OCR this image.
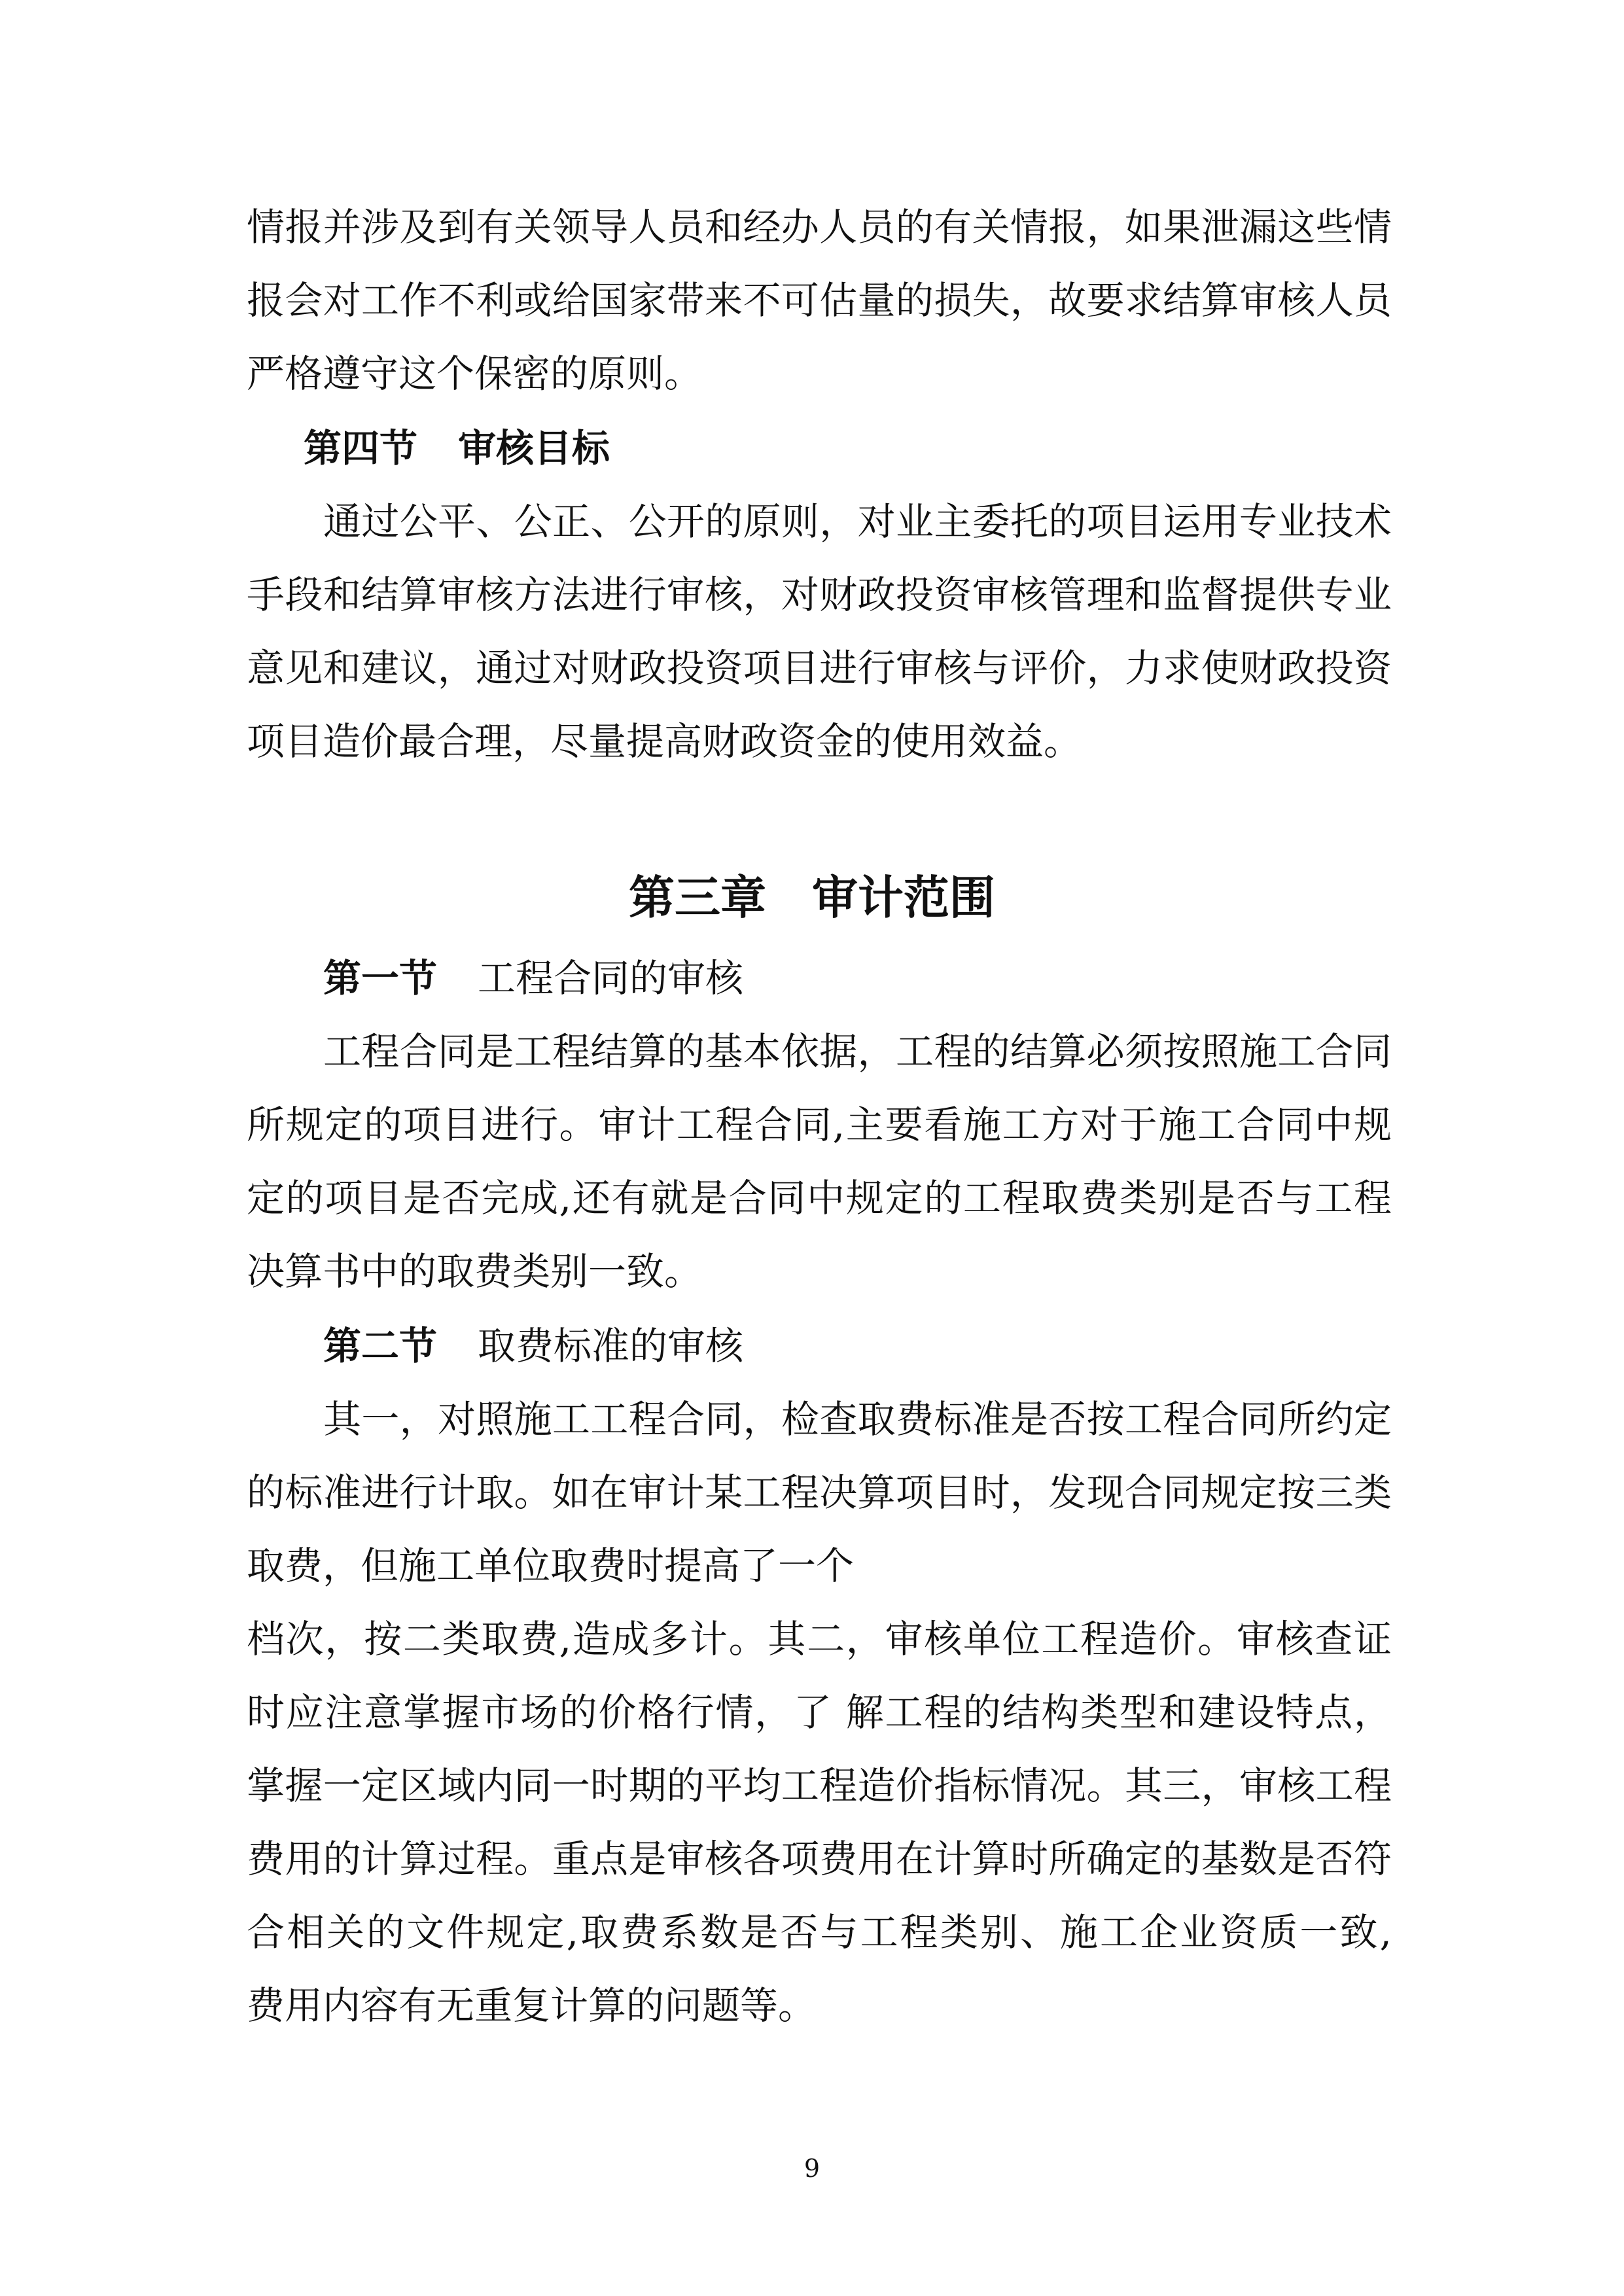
情报并涉及到有关领导人员和经办人员的有关情报，如果泄漏这些情
报会对工作不利或给国家带来不可估量的损失，故要求结算审核人员
严格遵守这个保密的原则。
第四节 审核目标
通过公平、公正、公开的原则，对业主委托的项目运用专业技术
手段和结算审核方法进行审核，对财政投资审核管理和监督提供专业
意见和建议，通过对财政投资项目进行审核与评价，力求使财政投资
项目造价最合理，尽量提高财政资金的使用效益。
第三章　审计范围
第一节 工程合同的审核
工程合同是工程结算的基本依据，工程的结算必须按照施工合同
所规定的项目进行。审计工程合同,主要看施工方对于施工合同中规
定的项目是否完成,还有就是合同中规定的工程取费类别是否与工程
决算书中的取费类别一致。
第二节 取费标准的审核
其一，对照施工工程合同，检查取费标准是否按工程合同所约定
的标准进行计取。如在审计某工程决算项目时，发现合同规定按三类
取费，但施工单位取费时提高了一个
档次，按二类取费,造成多计。其二，审核单位工程造价。审核查证
时应注意掌握市场的价格行情，了 解工程的结构类型和建设特点，
掌握一定区域内同一时期的平均工程造价指标情况。其三，审核工程
费用的计算过程。重点是审核各项费用在计算时所确定的基数是否符
合相关的文件规定,取费系数是否与工程类别、施工企业资质一致,
费用内容有无重复计算的问题等。
9
